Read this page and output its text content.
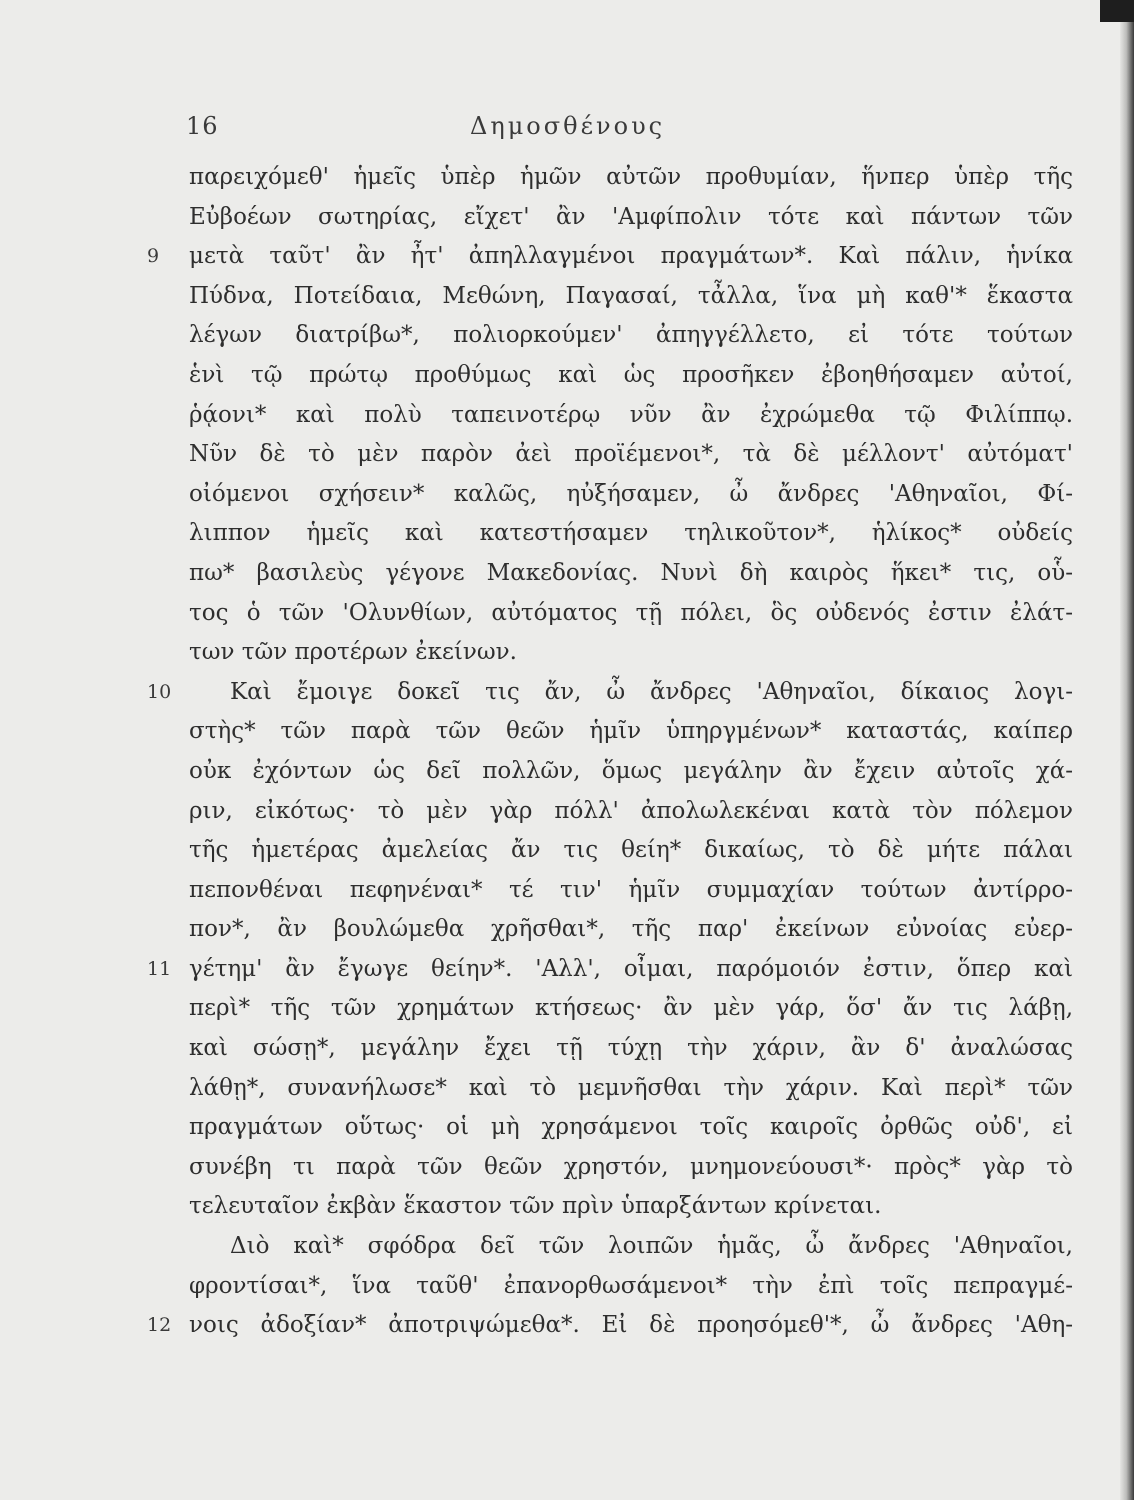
16	Δημοσθένους
παρειχόμεθ' ἡμεῖς ὑπὲρ ἡμῶν αὐτῶν προθυμίαν, ἥνπερ ὑπὲρ τῆς
Εὐβοέων σωτηρίας, εἴχετ' ἂν 'Αμφίπολιν τότε καὶ πάντων τῶν
9	μετὰ ταῦτ' ἂν ἦτ' ἀπηλλαγμένοι πραγμάτων*. Καὶ πάλιν, ἡνίκα
Πύδνα, Ποτείδαια, Μεθώνη, Παγασαί, τἆλλα, ἵνα μὴ καθ'* ἕκαστα
λέγων διατρίβω*, πολιορκούμεν' ἀπηγγέλλετο, εἰ τότε τούτων
ἑνὶ τῷ πρώτῳ προθύμως καὶ ὡς προσῆκεν ἐβοηθήσαμεν αὐτοί,
ῥᾴονι* καὶ πολὺ ταπεινοτέρῳ νῦν ἂν ἐχρώμεθα τῷ Φιλίππῳ.
Νῦν δὲ τὸ μὲν παρὸν ἀεὶ προϊέμενοι*, τὰ δὲ μέλλοντ' αὐτόματ'
οἰόμενοι σχήσειν* καλῶς, ηὐξήσαμεν, ὦ ἄνδρες 'Αθηναῖοι, Φί-
λιππον ἡμεῖς καὶ κατεστήσαμεν τηλικοῦτον*, ἡλίκος* οὐδείς
πω* βασιλεὺς γέγονε Μακεδονίας. Νυνὶ δὴ καιρὸς ἥκει* τις, οὗ-
τος ὁ τῶν 'Ολυνθίων, αὐτόματος τῇ πόλει, ὃς οὐδενός ἐστιν ἐλάτ-
των τῶν προτέρων ἐκείνων.
10	Καὶ ἔμοιγε δοκεῖ τις ἄν, ὦ ἄνδρες 'Αθηναῖοι, δίκαιος λογι-
στὴς* τῶν παρὰ τῶν θεῶν ἡμῖν ὑπηργμένων* καταστάς, καίπερ
οὐκ ἐχόντων ὡς δεῖ πολλῶν, ὅμως μεγάλην ἂν ἔχειν αὐτοῖς χά-
ριν, εἰκότως· τὸ μὲν γὰρ πόλλ' ἀπολωλεκέναι κατὰ τὸν πόλεμον
τῆς ἡμετέρας ἀμελείας ἄν τις θείη* δικαίως, τὸ δὲ μήτε πάλαι
πεπονθέναι πεφηνέναι* τέ τιν' ἡμῖν συμμαχίαν τούτων ἀντίρρο-
πον*, ἂν βουλώμεθα χρῆσθαι*, τῆς παρ' ἐκείνων εὐνοίας εὐερ-
11 γέτημ' ἂν ἔγωγε θείην*. 'Αλλ', οἶμαι, παρόμοιόν ἐστιν, ὅπερ καὶ
περὶ* τῆς τῶν χρημάτων κτήσεως· ἂν μὲν γάρ, ὅσ' ἄν τις λάβῃ,
καὶ σώσῃ*, μεγάλην ἔχει τῇ τύχῃ τὴν χάριν, ἂν δ' ἀναλώσας
λάθῃ*, συνανήλωσε* καὶ τὸ μεμνῆσθαι τὴν χάριν. Καὶ περὶ* τῶν
πραγμάτων οὕτως· οἱ μὴ χρησάμενοι τοῖς καιροῖς ὀρθῶς οὐδ', εἰ
συνέβη τι παρὰ τῶν θεῶν χρηστόν, μνημονεύουσι*· πρὸς* γὰρ τὸ
τελευταῖον ἐκβὰν ἕκαστον τῶν πρὶν ὑπαρξάντων κρίνεται.
Διὸ καὶ* σφόδρα δεῖ τῶν λοιπῶν ἡμᾶς, ὦ ἄνδρες 'Αθηναῖοι,
φροντίσαι*, ἵνα ταῦθ' ἐπανορθωσάμενοι* τὴν ἐπὶ τοῖς πεπραγμέ-
12 νοις ἀδοξίαν* ἀποτριψώμεθα*. Εἰ δὲ προησόμεθ'*, ὦ ἄνδρες 'Αθη-
